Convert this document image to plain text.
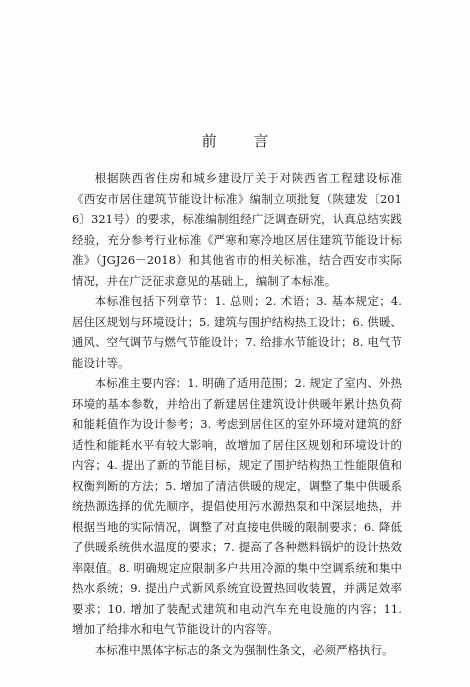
前 言

根据陕西省住房和城乡建设厅关于对陕西省工程建设标准《西安市居住建筑节能设计标准》编制立项批复（陕建发〔2016〕321号）的要求，标准编制组经广泛调查研究，认真总结实践经验，充分参考行业标准《严寒和寒冷地区居住建筑节能设计标准》（JGJ26－2018）和其他省市的相关标准，结合西安市实际情况，并在广泛征求意见的基础上，编制了本标准。

本标准包括下列章节：1. 总则；2. 术语；3. 基本规定；4. 居住区规划与环境设计；5. 建筑与围护结构热工设计；6. 供暖、通风、空气调节与燃气节能设计；7. 给排水节能设计；8. 电气节能设计等。

本标准主要内容：1. 明确了适用范围；2. 规定了室内、外热环境的基本参数，并给出了新建居住建筑设计供暖年累计热负荷和能耗值作为设计参考；3. 考虑到居住区的室外环境对建筑的舒适性和能耗水平有较大影响，故增加了居住区规划和环境设计的内容；4. 提出了新的节能目标，规定了围护结构热工性能限值和权衡判断的方法；5. 增加了清洁供暖的规定，调整了集中供暖系统热源选择的优先顺序，提倡使用污水源热泵和中深层地热，并根据当地的实际情况，调整了对直接电供暖的限制要求；6. 降低了供暖系统供水温度的要求；7. 提高了各种燃料锅炉的设计热效率限值。8. 明确规定应限制多户共用冷源的集中空调系统和集中热水系统；9. 提出户式新风系统宜设置热回收装置，并满足效率要求；10. 增加了装配式建筑和电动汽车充电设施的内容；11. 增加了给排水和电气节能设计的内容等。

本标准中黑体字标志的条文为强制性条文，必须严格执行。
